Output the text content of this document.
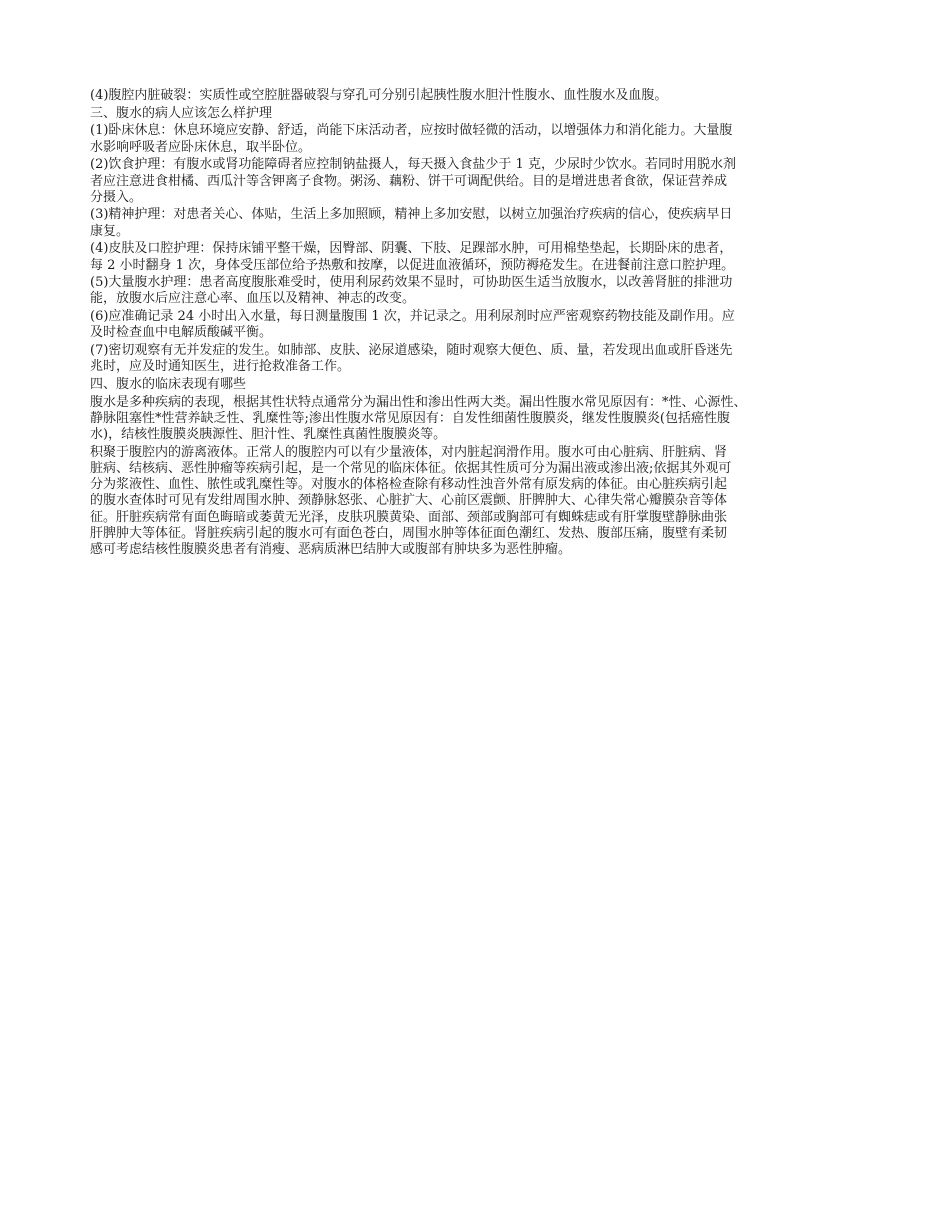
(4)腹腔内脏破裂：实质性或空腔脏器破裂与穿孔可分别引起胰性腹水胆汁性腹水、血性腹水及血腹。
三、腹水的病人应该怎么样护理
(1)卧床休息：休息环境应安静、舒适，尚能下床活动者，应按时做轻微的活动，以增强体力和消化能力。大量腹
水影响呼吸者应卧床休息，取半卧位。
(2)饮食护理：有腹水或肾功能障碍者应控制钠盐摄人，每天摄入食盐少于 1 克，少尿时少饮水。若同时用脱水剂
者应注意进食柑橘、西瓜汁等含钾离子食物。粥汤、藕粉、饼干可调配供给。目的是增进患者食欲，保证营养成
分摄入。
(3)精神护理：对患者关心、体贴，生活上多加照顾，精神上多加安慰，以树立加强治疗疾病的信心，使疾病早日
康复。
(4)皮肤及口腔护理：保持床铺平整干燥，因臀部、阴囊、下肢、足踝部水肿，可用棉垫垫起，长期卧床的患者，
每 2 小时翻身 1 次，身体受压部位给予热敷和按摩，以促进血液循环，预防褥疮发生。在进餐前注意口腔护理。
(5)大量腹水护理：患者高度腹胀难受时，使用利尿药效果不显时，可协助医生适当放腹水，以改善肾脏的排泄功
能，放腹水后应注意心率、血压以及精神、神志的改变。
(6)应准确记录 24 小时出入水量，每日测量腹围 1 次，并记录之。用利尿剂时应严密观察药物技能及副作用。应
及时检查血中电解质酸碱平衡。
(7)密切观察有无并发症的发生。如肺部、皮肤、泌尿道感染，随时观察大便色、质、量，若发现出血或肝昏迷先
兆时，应及时通知医生，进行抢救准备工作。
四、腹水的临床表现有哪些
腹水是多种疾病的表现，根据其性状特点通常分为漏出性和渗出性两大类。漏出性腹水常见原因有：*性、心源性、
静脉阻塞性*性营养缺乏性、乳糜性等;渗出性腹水常见原因有：自发性细菌性腹膜炎，继发性腹膜炎(包括癌性腹
水)，结核性腹膜炎胰源性、胆汁性、乳糜性真菌性腹膜炎等。
积聚于腹腔内的游离液体。正常人的腹腔内可以有少量液体，对内脏起润滑作用。腹水可由心脏病、肝脏病、肾
脏病、结核病、恶性肿瘤等疾病引起，是一个常见的临床体征。依据其性质可分为漏出液或渗出液;依据其外观可
分为浆液性、血性、脓性或乳糜性等。对腹水的体格检查除有移动性浊音外常有原发病的体征。由心脏疾病引起
的腹水查体时可见有发绀周围水肿、颈静脉怒张、心脏扩大、心前区震颤、肝脾肿大、心律失常心瓣膜杂音等体
征。肝脏疾病常有面色晦暗或萎黄无光泽，皮肤巩膜黄染、面部、颈部或胸部可有蜘蛛痣或有肝掌腹壁静脉曲张
肝脾肿大等体征。肾脏疾病引起的腹水可有面色苍白，周围水肿等体征面色潮红、发热、腹部压痛，腹壁有柔韧
感可考虑结核性腹膜炎患者有消瘦、恶病质淋巴结肿大或腹部有肿块多为恶性肿瘤。
